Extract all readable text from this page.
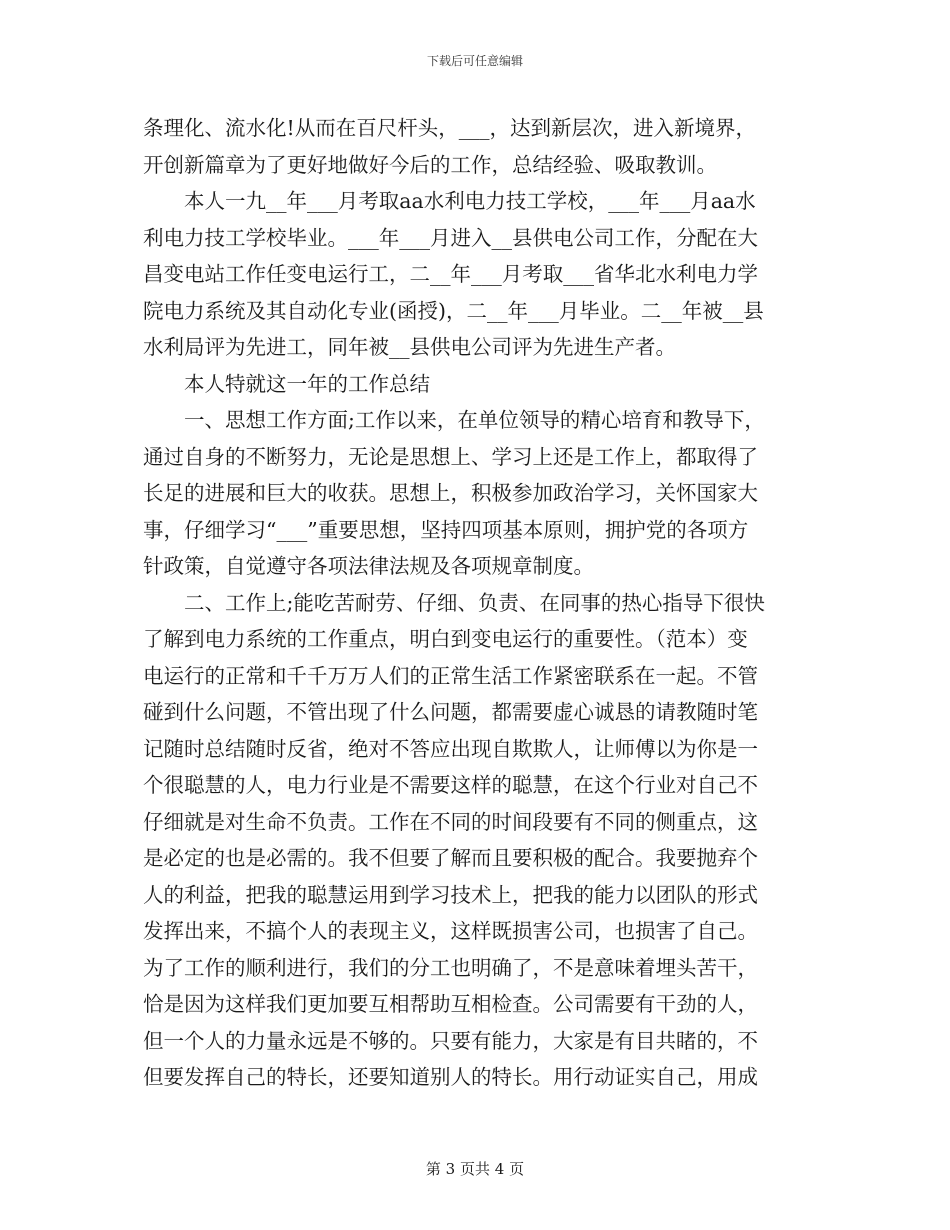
下载后可任意编辑
条理化、流水化!从而在百尺杆头，___，达到新层次，进入新境界，
开创新篇章为了更好地做好今后的工作，总结经验、吸取教训。
本人一九__年___月考取aa水利电力技工学校，___年___月aa水
利电力技工学校毕业。___年___月进入__县供电公司工作，分配在大
昌变电站工作任变电运行工，二__年___月考取___省华北水利电力学
院电力系统及其自动化专业(函授)，二__年___月毕业。二__年被__县
水利局评为先进工，同年被__县供电公司评为先进生产者。
本人特就这一年的工作总结
一、思想工作方面;工作以来，在单位领导的精心培育和教导下，
通过自身的不断努力，无论是思想上、学习上还是工作上，都取得了
长足的进展和巨大的收获。思想上，积极参加政治学习，关怀国家大
事，仔细学习“___”重要思想，坚持四项基本原则，拥护党的各项方
针政策，自觉遵守各项法律法规及各项规章制度。
二、工作上;能吃苦耐劳、仔细、负责、在同事的热心指导下很快
了解到电力系统的工作重点，明白到变电运行的重要性。（范本）变
电运行的正常和千千万万人们的正常生活工作紧密联系在一起。不管
碰到什么问题，不管出现了什么问题，都需要虚心诚恳的请教随时笔
记随时总结随时反省，绝对不答应出现自欺欺人，让师傅以为你是一
个很聪慧的人，电力行业是不需要这样的聪慧，在这个行业对自己不
仔细就是对生命不负责。工作在不同的时间段要有不同的侧重点，这
是必定的也是必需的。我不但要了解而且要积极的配合。我要抛弃个
人的利益，把我的聪慧运用到学习技术上，把我的能力以团队的形式
发挥出来，不搞个人的表现主义，这样既损害公司，也损害了自己。
为了工作的顺利进行，我们的分工也明确了，不是意味着埋头苦干，
恰是因为这样我们更加要互相帮助互相检查。公司需要有干劲的人，
但一个人的力量永远是不够的。只要有能力，大家是有目共睹的，不
但要发挥自己的特长，还要知道别人的特长。用行动证实自己，用成
第 3 页共 4 页
